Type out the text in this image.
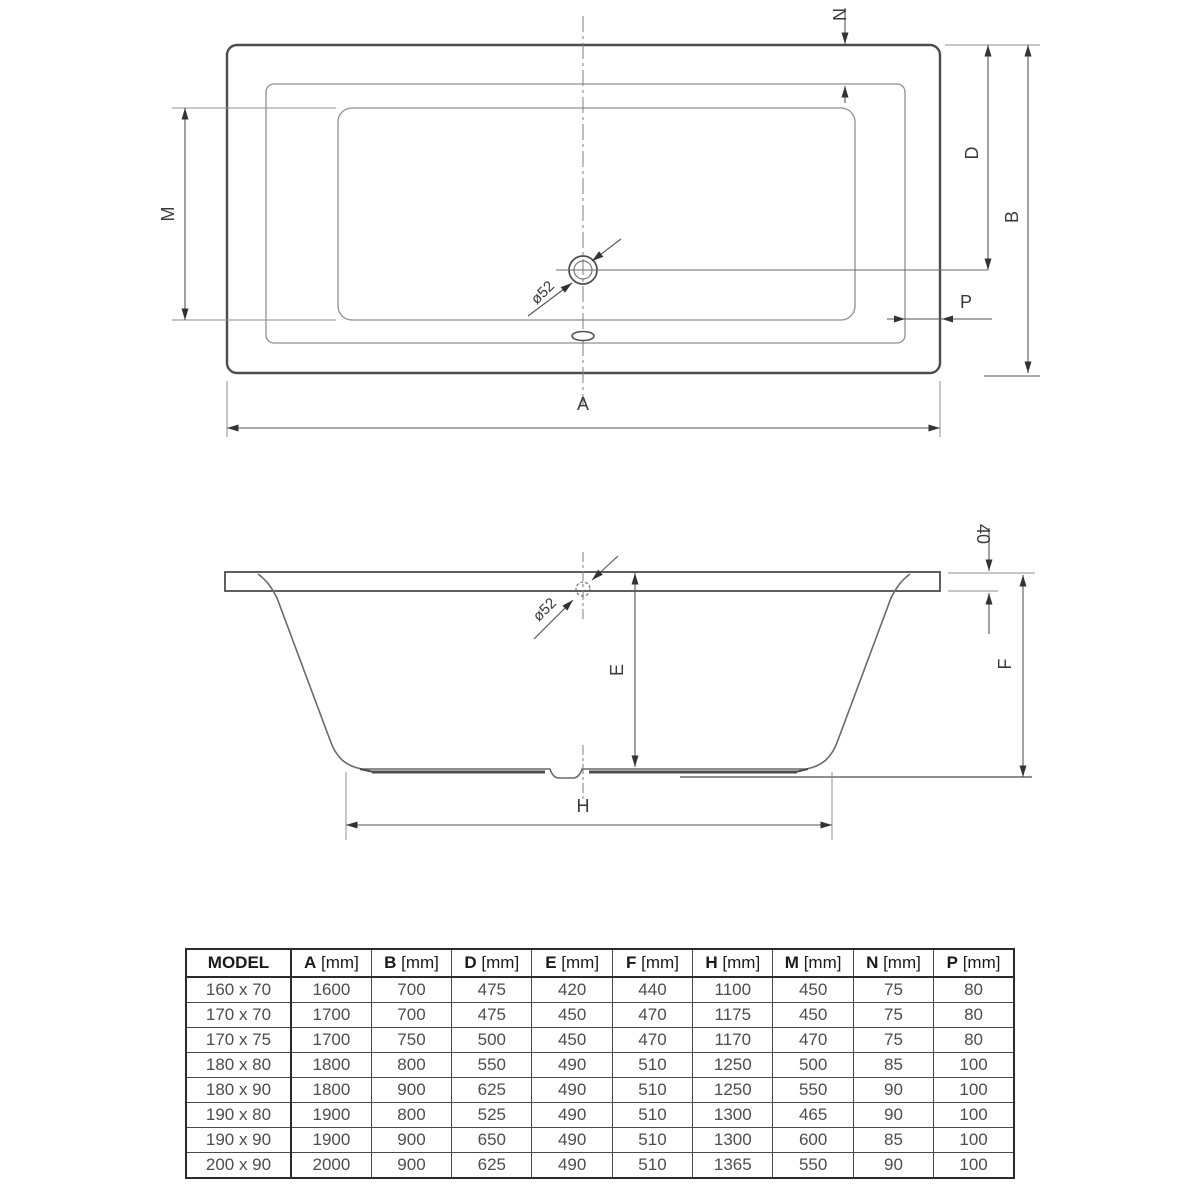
ø52
N
D
B
M
P
A
ø52
40
E	F
H
MODEL	A [mm]	B [mm]	D [mm]	E [mm]	F [mm]	H [mm]	M [mm]	N [mm]	P [mm]
160 x 70	1600	700	475	420	440	1100	450	75	80
170 x 70	1700	700	475	450	470	1175	450	75	80
170 x 75	1700	750	500	450	470	1170	470	75	80
180 x 80	1800	800	550	490	510	1250	500	85	100
180 x 90	1800	900	625	490	510	1250	550	90	100
190 x 80	1900	800	525	490	510	1300	465	90	100
190 x 90	1900	900	650	490	510	1300	600	85	100
200 x 90	2000	900	625	490	510	1365	550	90	100
